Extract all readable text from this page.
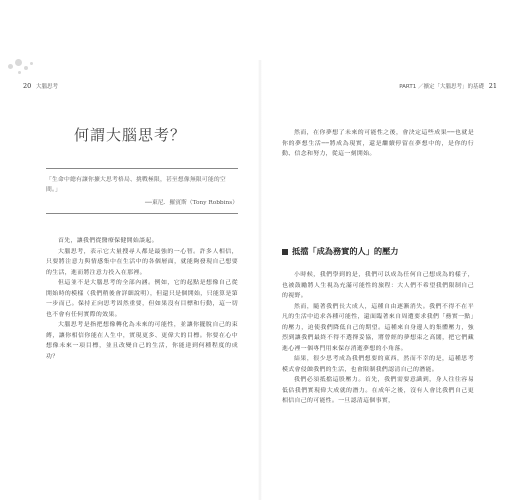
20 大腦思考
何謂大腦思考？
「生命中總有讓你擴大思考格局、挑戰極限，甚至想像無限可能的空間。」
──東尼．羅賓斯（Tony Robbins）

首先，讓我們從醫療保健開始談起。

大腦思考，表示它大量搜尋人都是最強的一心智。許多人相信，只要將注意力與情感集中在生活中的各個層面，就能夠發現自己想要的生活，進而將注意力投入在那裡。

但這並不是大腦思考的全部內涵。例如，它的起點是想像自己從開始時的模樣（我們稍後會詳細說明），但還只是個開始，只能算是第一步而已。保持正向思考固然重要，但如果沒有目標和行動，這一切也不會有任何實際的效果。

大腦思考是指把想像轉化為未來的可能性，並讓你擺脫自己的束縛，讓你相信你能在人生中，實現更多、更偉大的目標。你要在心中想像未來一項目標，並且改變自己的生活，你能達到何種程度的成功？

PART1 ／擴定「大腦思考」的基礎 21

然而，在你夢想了未來的可能性之後，會決定這些成果──也就是你的夢想生活──將成為現實，還是繼續停留在夢想中的，是你的行動、信念和努力，從這一刻開始。

抵擋「成為務實的人」的壓力

小時候，我們學到的是，我們可以成為任何自己想成為的樣子，也被鼓勵將人生視為充滿可能性的旅程：大人們不希望我們限制自己的視野。

然而，隨著我們長大成人，這種自由逐漸消失。我們不得不在平凡的生活中追求各種可能性，還面臨著來自周遭要求我們「務實一點」的壓力，迫使我們降低自己的期望。這種來自身邊人的集體壓力，強烈到讓我們最終不得不選擇妥協，將曾經的夢想束之高閣，把它們藏進心裡一個專門用來保存消逝夢想的小角落。

結果，很少思考成為我們想要的東西，然而不幸的是，這種思考模式會侵蝕我們的生活，也會限制我們認清自己的潛能。

我們必須抵擋這股壓力。首先，我們需要意識到，身人往往容易低估我們實現偉大成就的潛力。在成年之後，沒有人會比我們自己更相信自己的可能性。一旦認清這個事實，
